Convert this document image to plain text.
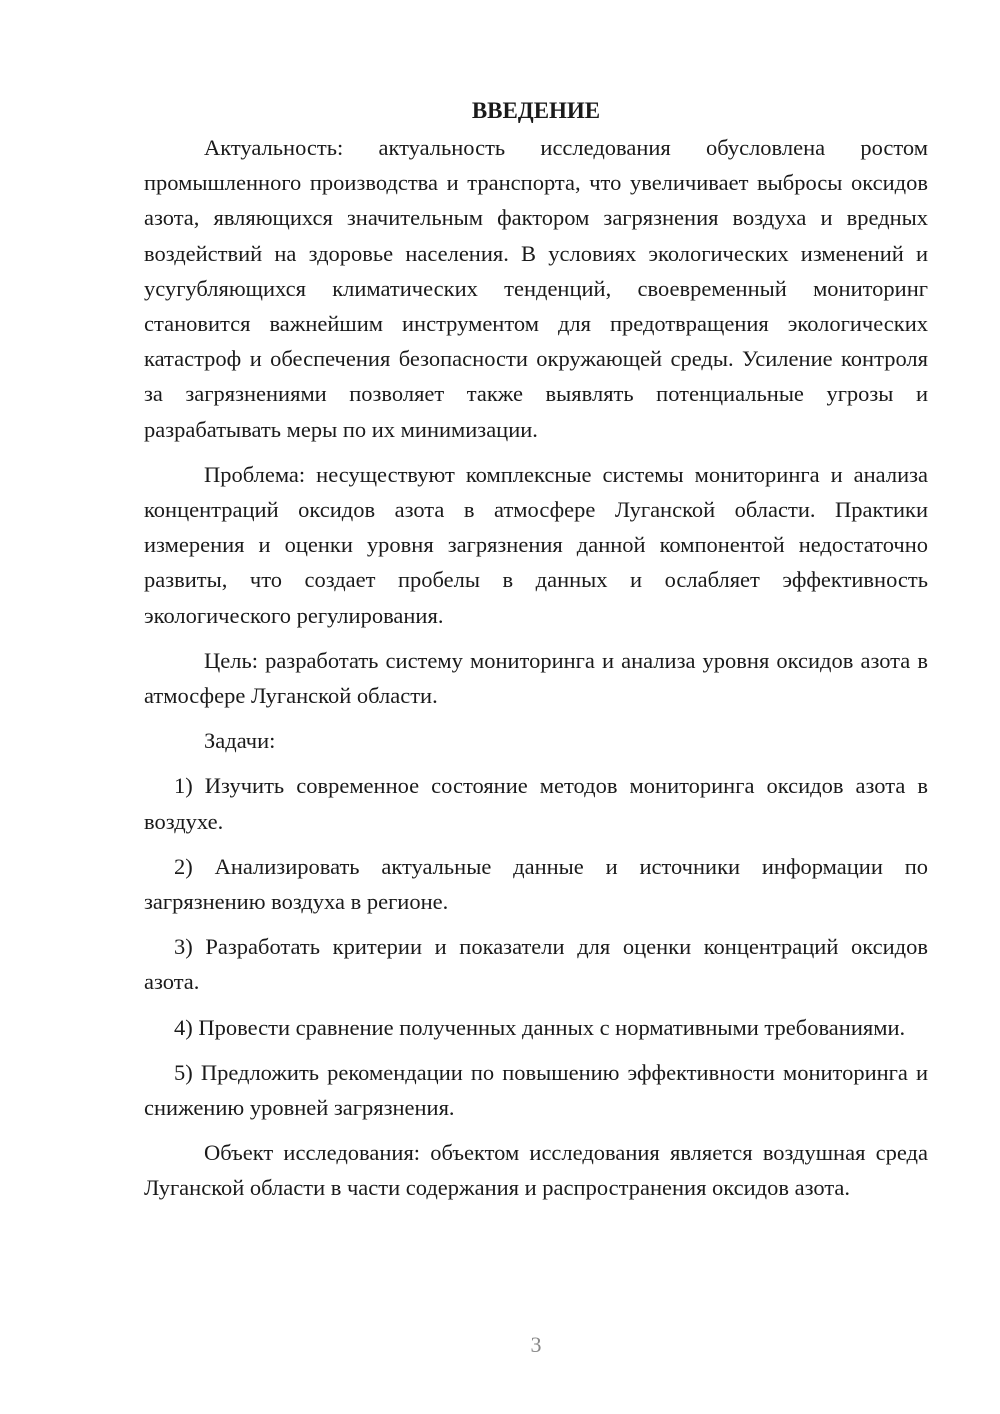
ВВЕДЕНИЕ

Актуальность: актуальность исследования обусловлена ростом промышленного производства и транспорта, что увеличивает выбросы оксидов азота, являющихся значительным фактором загрязнения воздуха и вредных воздействий на здоровье населения. В условиях экологических изменений и усугубляющихся климатических тенденций, своевременный мониторинг становится важнейшим инструментом для предотвращения экологических катастроф и обеспечения безопасности окружающей среды. Усиление контроля за загрязнениями позволяет также выявлять потенциальные угрозы и разрабатывать меры по их минимизации.

Проблема: несуществуют комплексные системы мониторинга и анализа концентраций оксидов азота в атмосфере Луганской области. Практики измерения и оценки уровня загрязнения данной компонентой недостаточно развиты, что создает пробелы в данных и ослабляет эффективность экологического регулирования.

Цель: разработать систему мониторинга и анализа уровня оксидов азота в атмосфере Луганской области.

Задачи:

1) Изучить современное состояние методов мониторинга оксидов азота в воздухе.

2) Анализировать актуальные данные и источники информации по загрязнению воздуха в регионе.

3) Разработать критерии и показатели для оценки концентраций оксидов азота.

4) Провести сравнение полученных данных с нормативными требованиями.

5) Предложить рекомендации по повышению эффективности мониторинга и снижению уровней загрязнения.

Объект исследования: объектом исследования является воздушная среда Луганской области в части содержания и распространения оксидов азота.

3
